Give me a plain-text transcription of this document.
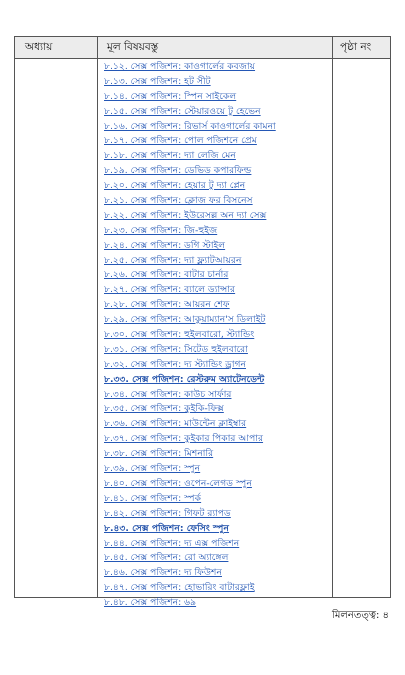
অধ্যায়	মূল বিষয়বস্তু	পৃষ্ঠা নং
৮.১২. সেক্স পজিশন: কাওগার্লের কবজায়
৮.১৩. সেক্স পজিশন: হট সীট
৮.১৪. সেক্স পজিশন: স্পিন সাইকেল
৮.১৫. সেক্স পজিশন: স্টেয়ারওয়ে টু হেভেন
৮.১৬. সেক্স পজিশন: রিভার্স কাওগার্লের কামনা
৮.১৭. সেক্স পজিশন: পোল পজিশনে প্রেম
৮.১৮. সেক্স পজিশন: দ্যা লেজি মেন
৮.১৯. সেক্স পজিশন: ডেভিড কপারফিল্ড
৮.২০. সেক্স পজিশন: হেয়ার টু দ্যা প্লেন
৮.২১. সেক্স পজিশন: ক্লোজ ফর বিসনেস
৮.২২. সেক্স পজিশন: ইউরেসল্ল অন দ্যা সেক্স
৮.২৩. সেক্স পজিশন: জি-হুইজ
৮.২৪. সেক্স পজিশন: ডগি স্টাইল
৮.২৫. সেক্স পজিশন: দ্যা ফ্ল্যাটআয়রন
৮.২৬. সেক্স পজিশন: বাটার চার্নার
৮.২৭. সেক্স পজিশন: ব্যালে ড্যান্সার
৮.২৮. সেক্স পজিশন: আয়রন শেফ
৮.২৯. সেক্স পজিশন: আকুয়াম্যান'স ডিলাইট
৮.৩০. সেক্স পজিশন: হুইলবারো, স্ট্যান্ডিং
৮.৩১. সেক্স পজিশন: সিটেড হুইলবারো
৮.৩২. সেক্স পজিশন: দ্য স্ট্যান্ডিং ড্রাগন
৮.৩৩. সেক্স পজিশন: রেস্টরুম অ্যাটেনডেন্ট
৮.৩৪. সেক্স পজিশন: কাউচ সার্ফার
৮.৩৫. সেক্স পজিশন: কুইকি-ফিক্স
৮.৩৬. সেক্স পজিশন: মাউন্টেন ক্লাইম্বার
৮.৩৭. সেক্স পজিশন: কুইকার পিকার আপার
৮.৩৮. সেক্স পজিশন: মিশনারি
৮.৩৯. সেক্স পজিশন: স্পুন
৮.৪০. সেক্স পজিশন: ওপেন-লেগড স্পুন
৮.৪১. সেক্স পজিশন: স্পর্ক
৮.৪২. সেক্স পজিশন: গিফট র‍্যাপড
৮.৪৩. সেক্স পজিশন: ফেসিং স্পুন
৮.৪৪. সেক্স পজিশন: দ্য এক্স পজিশন
৮.৪৫. সেক্স পজিশন: রো অ্যাঙ্গেল
৮.৪৬. সেক্স পজিশন: দ্য ফিউশন
৮.৪৭. সেক্স পজিশন: হোভারিং বাটারফ্লাই
৮.৪৮. সেক্স পজিশন: ৬৯
মিলনতত্ত্ব: ৪
